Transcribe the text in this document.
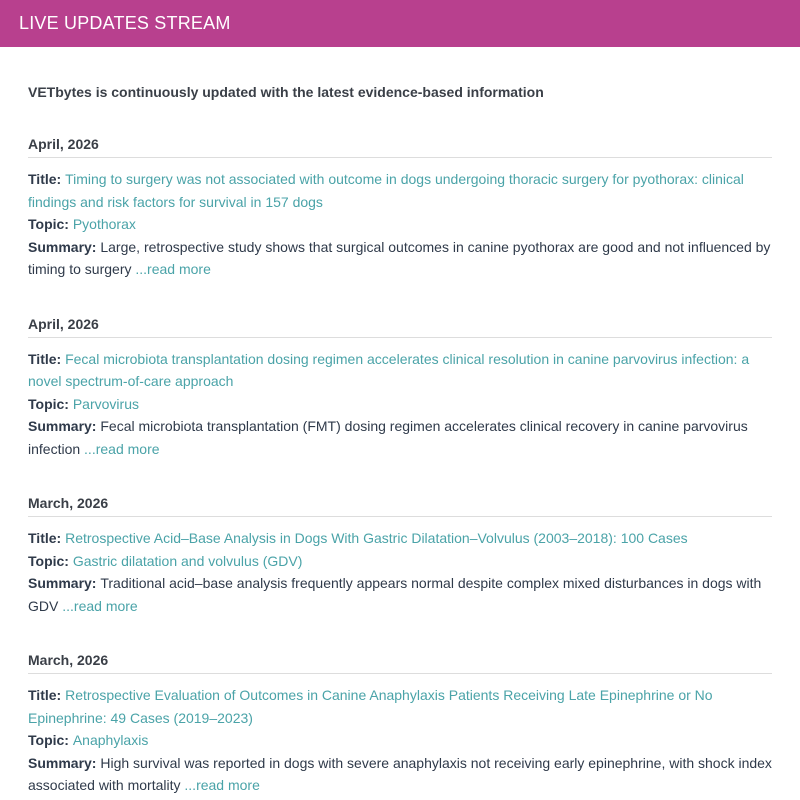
LIVE UPDATES STREAM
VETbytes is continuously updated with the latest evidence-based information
April, 2026
Title: Timing to surgery was not associated with outcome in dogs undergoing thoracic surgery for pyothorax: clinical findings and risk factors for survival in 157 dogs
Topic: Pyothorax
Summary: Large, retrospective study shows that surgical outcomes in canine pyothorax are good and not influenced by timing to surgery ...read more
April, 2026
Title: Fecal microbiota transplantation dosing regimen accelerates clinical resolution in canine parvovirus infection: a novel spectrum-of-care approach
Topic: Parvovirus
Summary: Fecal microbiota transplantation (FMT) dosing regimen accelerates clinical recovery in canine parvovirus infection ...read more
March, 2026
Title: Retrospective Acid–Base Analysis in Dogs With Gastric Dilatation–Volvulus (2003–2018): 100 Cases
Topic: Gastric dilatation and volvulus (GDV)
Summary: Traditional acid–base analysis frequently appears normal despite complex mixed disturbances in dogs with GDV ...read more
March, 2026
Title: Retrospective Evaluation of Outcomes in Canine Anaphylaxis Patients Receiving Late Epinephrine or No Epinephrine: 49 Cases (2019–2023)
Topic: Anaphylaxis
Summary: High survival was reported in dogs with severe anaphylaxis not receiving early epinephrine, with shock index associated with mortality ...read more
